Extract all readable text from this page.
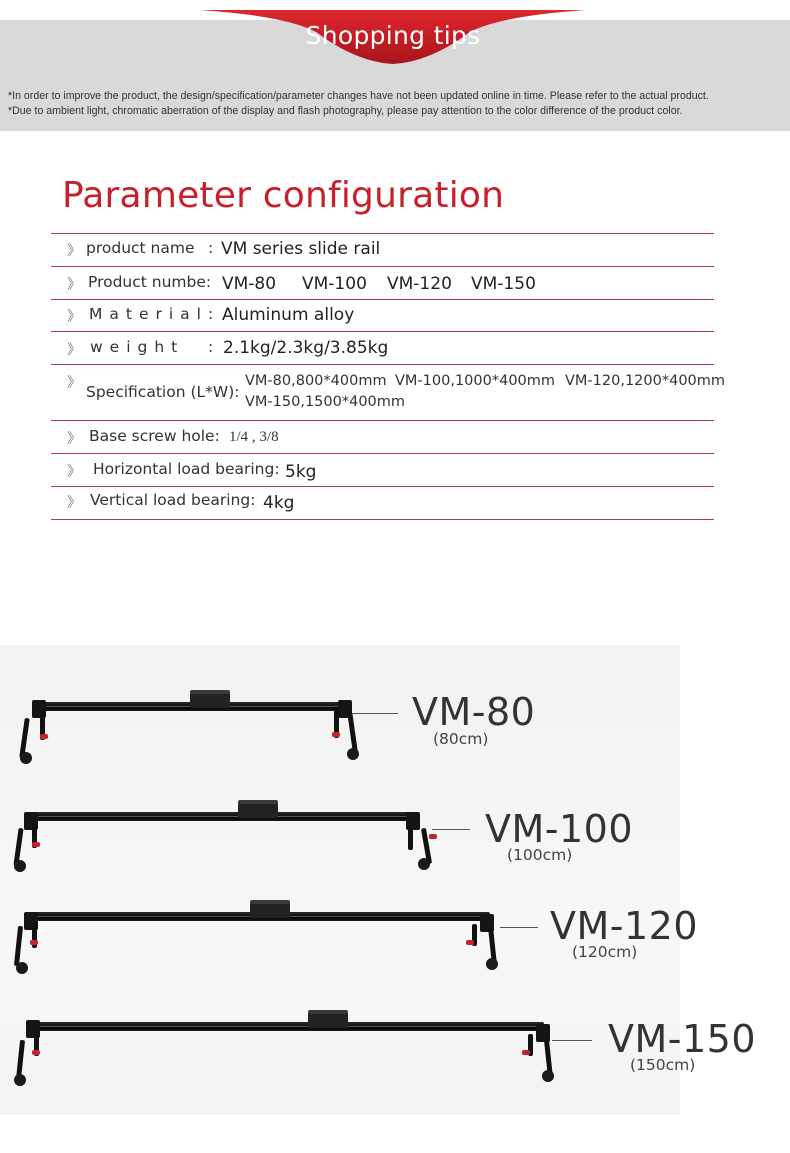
Shopping tips
*In order to improve the product, the design/specification/parameter changes have not been updated online in time. Please refer to the actual product.
*Due to ambient light, chromatic aberration of the display and flash photography, please pay attention to the color difference of the product color.
Parameter configuration
》 product name : VM series slide rail
》 Product numbe: VM-80 VM-100 VM-120 VM-150
》 Material : Aluminum alloy
》 weight : 2.1kg/2.3kg/3.85kg
》 Specification (L*W):
VM-80,800*400mm VM-100,1000*400mm VM-120,1200*400mm
VM-150,1500*400mm
》 Base screw hole: 1/4 , 3/8
》 Horizontal load bearing: 5kg
》 Vertical load bearing: 4kg
VM-80
(80cm)
VM-100
(100cm)
VM-120
(120cm)
VM-150
(150cm)
